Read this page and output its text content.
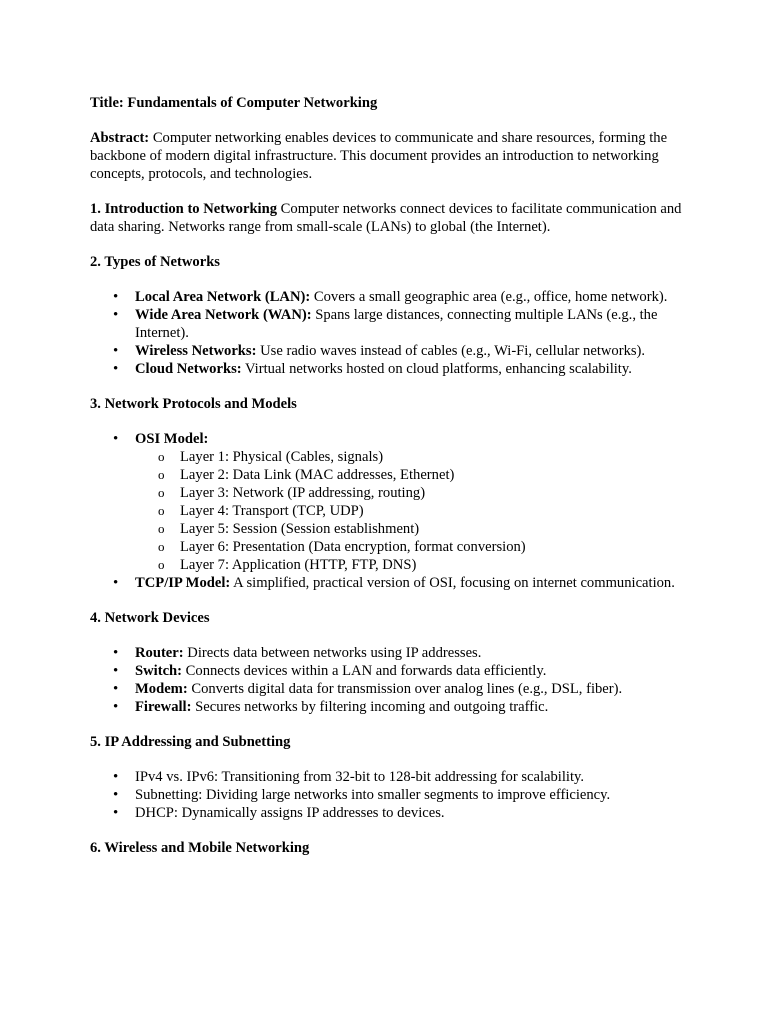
Title: Fundamentals of Computer Networking

Abstract: Computer networking enables devices to communicate and share resources, forming the backbone of modern digital infrastructure. This document provides an introduction to networking concepts, protocols, and technologies.

1. Introduction to Networking Computer networks connect devices to facilitate communication and data sharing. Networks range from small-scale (LANs) to global (the Internet).

2. Types of Networks

• Local Area Network (LAN): Covers a small geographic area (e.g., office, home network).
• Wide Area Network (WAN): Spans large distances, connecting multiple LANs (e.g., the Internet).
• Wireless Networks: Use radio waves instead of cables (e.g., Wi-Fi, cellular networks).
• Cloud Networks: Virtual networks hosted on cloud platforms, enhancing scalability.

3. Network Protocols and Models

• OSI Model:
o Layer 1: Physical (Cables, signals)
o Layer 2: Data Link (MAC addresses, Ethernet)
o Layer 3: Network (IP addressing, routing)
o Layer 4: Transport (TCP, UDP)
o Layer 5: Session (Session establishment)
o Layer 6: Presentation (Data encryption, format conversion)
o Layer 7: Application (HTTP, FTP, DNS)
• TCP/IP Model: A simplified, practical version of OSI, focusing on internet communication.

4. Network Devices

• Router: Directs data between networks using IP addresses.
• Switch: Connects devices within a LAN and forwards data efficiently.
• Modem: Converts digital data for transmission over analog lines (e.g., DSL, fiber).
• Firewall: Secures networks by filtering incoming and outgoing traffic.

5. IP Addressing and Subnetting

• IPv4 vs. IPv6: Transitioning from 32-bit to 128-bit addressing for scalability.
• Subnetting: Dividing large networks into smaller segments to improve efficiency.
• DHCP: Dynamically assigns IP addresses to devices.

6. Wireless and Mobile Networking
